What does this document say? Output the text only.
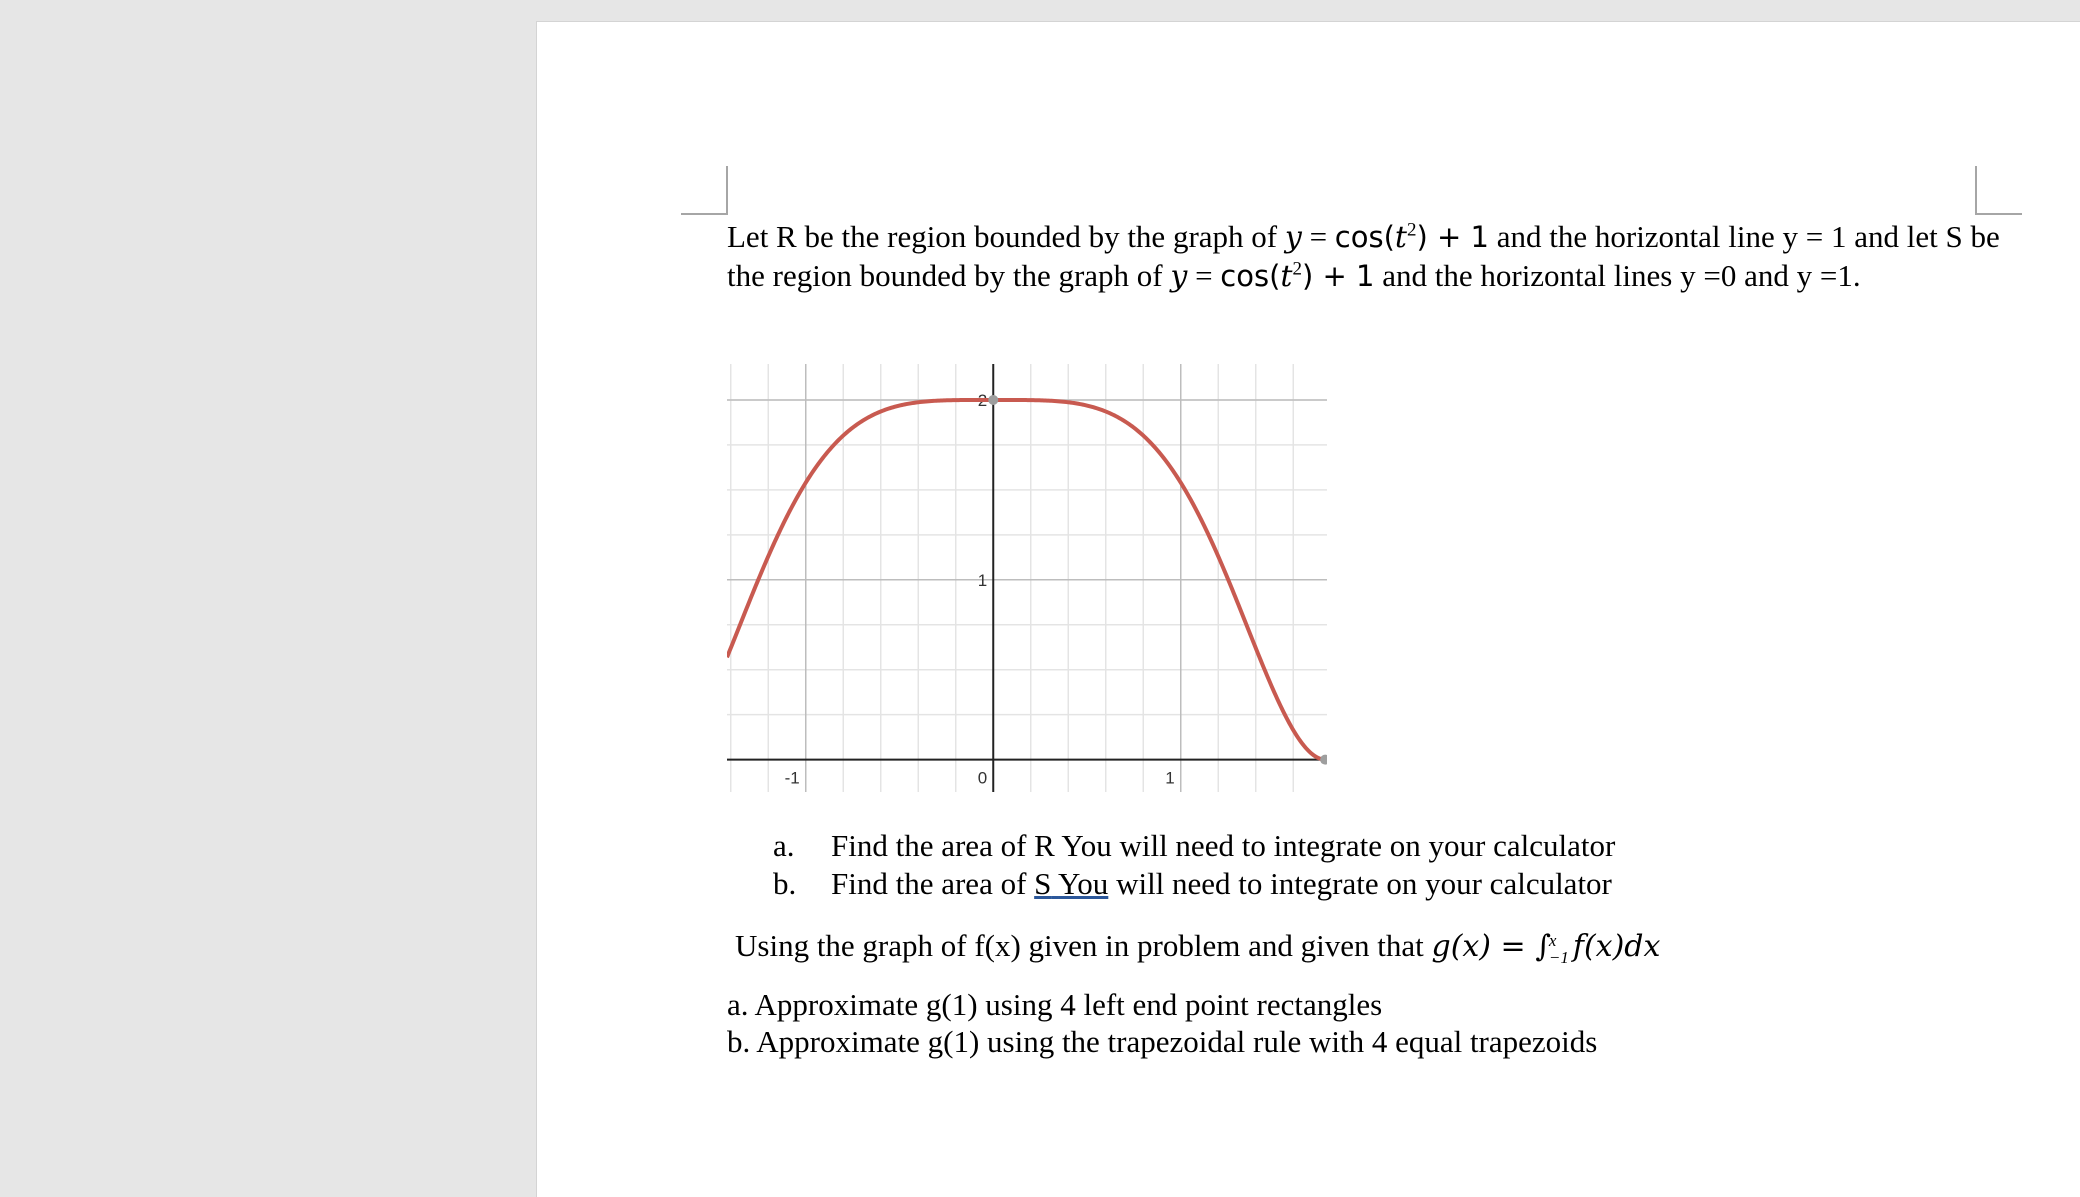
Let R be the region bounded by the graph of $y = \cos(t^2) + 1$ and the horizontal line y = 1 and let S be the region bounded by the graph of $y = \cos(t^2) + 1$ and the horizontal lines y =0 and y =1.
-1	0	1
1
2
a.	Find the area of R You will need to integrate on your calculator
b.	Find the area of S You will need to integrate on your calculator
Using the graph of f(x) given in problem and given that g(x) = ∫
x
−1 f(x)dx
a. Approximate g(1) using 4 left end point rectangles
b. Approximate g(1) using the trapezoidal rule with 4 equal trapezoids
